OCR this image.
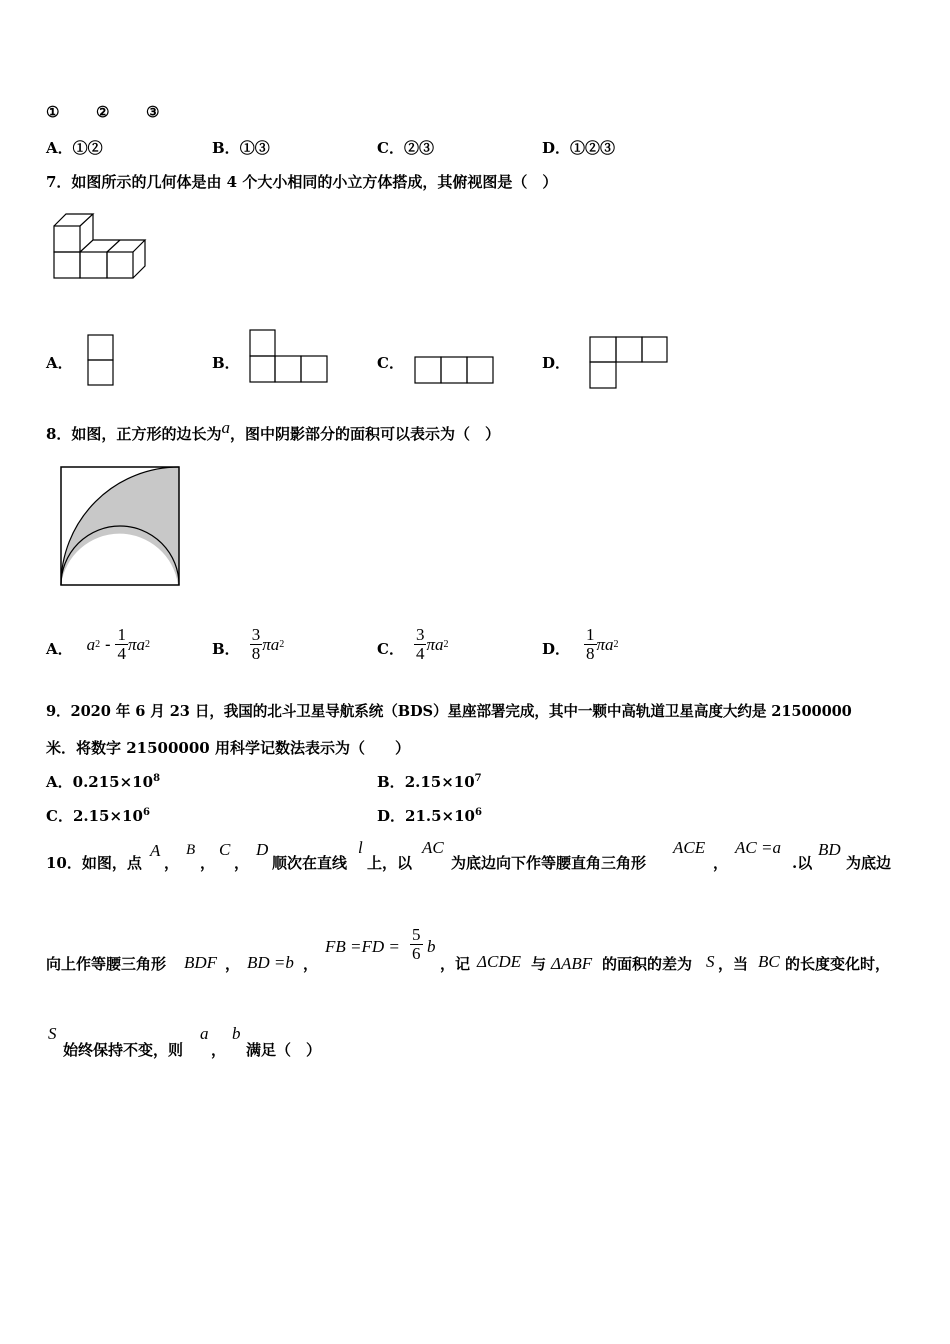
① ② ③
A．①②	B．①③	C．②③	D．①②③
7．如图所示的几何体是由 4 个大小相同的小立方体搭成，其俯视图是（　）
A．	B．	C．	D．
8．如图，正方形的边长为a，图中阴影部分的面积可以表示为（　）
A． a $2 - \frac{1}{4}$ πa 2	B． $\frac{3}{8}$ πa 2	C． $\frac{3}{4}$ πa 2	D． $\frac{1}{8}$ πa 2
9．2020 年 6 月 23 日，我国的北斗卫星导航系统（BDS）星座部署完成，其中一颗中高轨道卫星高度大约是 21500000
米．将数字 21500000 用科学记数法表示为（　　）
A．$0.215\times 10^8$	B．$2.15\times 10^7$
C．$2.15\times 10^6$	D．$21.5\times 10^6$
10．如图，点
A
，
B
，
C
，
D
顺次在直线
l
上，以
AC
为底边向下作等腰直角三角形
ACE
，
AC =a
.以
BD
为底边
向上作等腰三角形 BDF ， BD =b ，
FB $=FD = \frac{5}{6}$ b
，记 ΔCDE 与 ΔABF 的面积的差为 S ，当 BC 的长度变化时，
S
始终保持不变，则
a
，
b
满足（　）
